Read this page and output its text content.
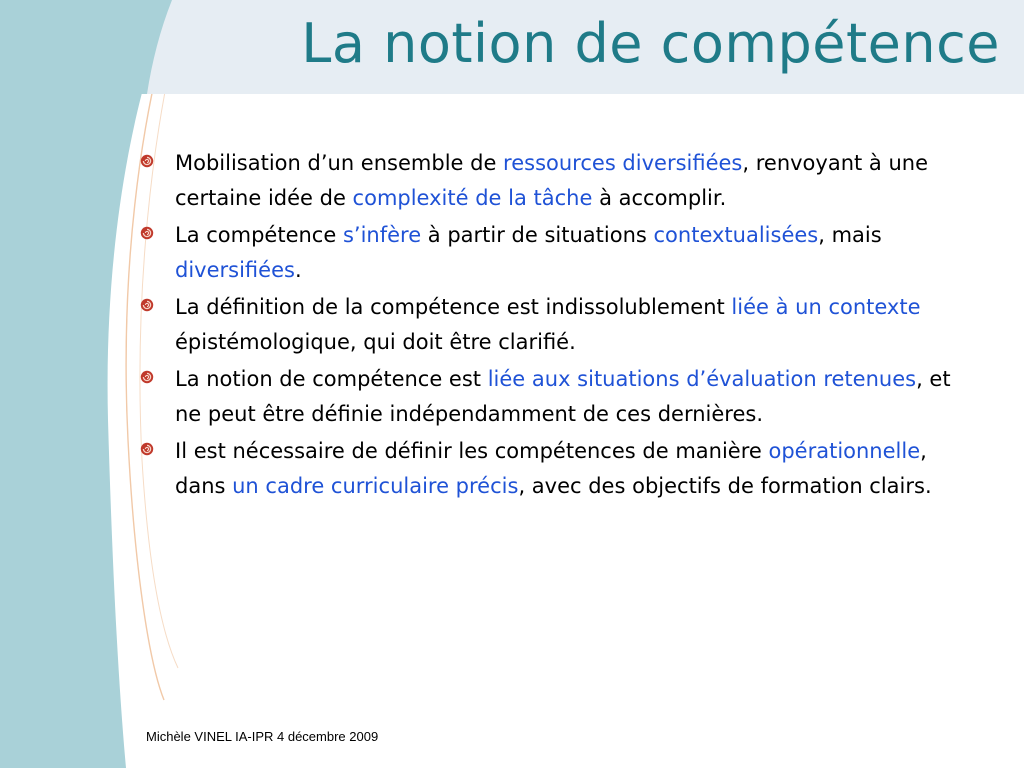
La notion de compétence
Mobilisation d’un ensemble de ressources diversifiées, renvoyant à une certaine idée de complexité de la tâche à accomplir.
La compétence s’infère à partir de situations contextualisées, mais diversifiées.
La définition de la compétence est indissolublement liée à un contexte épistémologique, qui doit être clarifié.
La notion de compétence est liée aux situations d’évaluation retenues, et ne peut être définie indépendamment de ces dernières.
Il est nécessaire de définir les compétences de manière opérationnelle, dans un cadre curriculaire précis, avec des objectifs de formation clairs.
Michèle VINEL IA-IPR 4 décembre 2009
